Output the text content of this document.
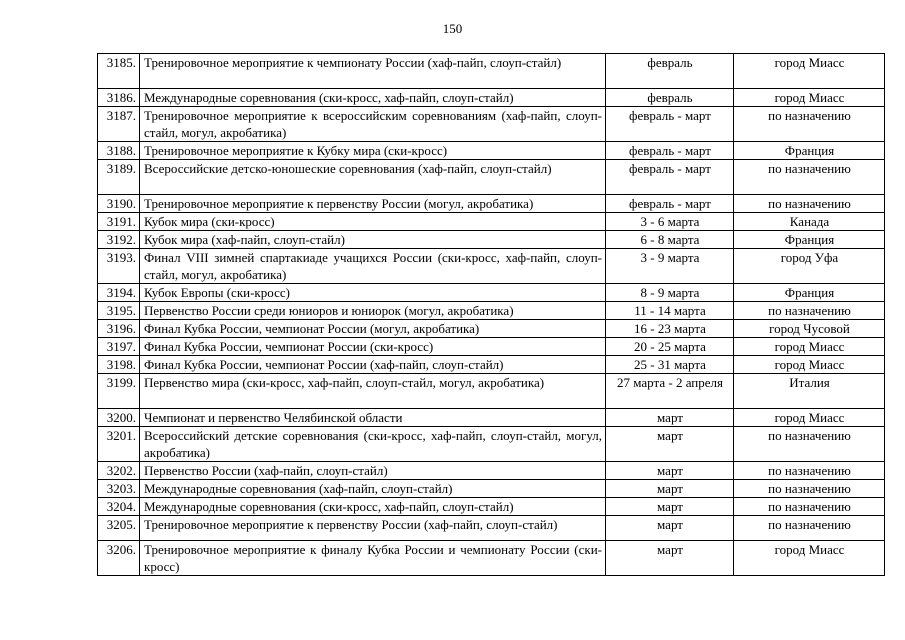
150
3185.	Тренировочное мероприятие к чемпионату России (хаф-пайп, слоуп-стайл)	февраль	город Миасс
3186.	Международные соревнования (ски-кросс, хаф-пайп, слоуп-стайл)	февраль	город Миасс
3187.	Тренировочное мероприятие к всероссийским соревнованиям (хаф-пайп, слоуп-стайл, могул, акробатика)	февраль - март	по назначению
3188.	Тренировочное мероприятие к Кубку мира (ски-кросс)	февраль - март	Франция
3189.	Всероссийские детско-юношеские соревнования (хаф-пайп, слоуп-стайл)	февраль - март	по назначению
3190.	Тренировочное мероприятие к первенству России (могул, акробатика)	февраль - март	по назначению
3191.	Кубок мира (ски-кросс)	3 - 6 марта	Канада
3192.	Кубок мира (хаф-пайп, слоуп-стайл)	6 - 8 марта	Франция
3193.	Финал VIII зимней спартакиаде учащихся России (ски-кросс, хаф-пайп, слоуп-стайл, могул, акробатика)	3 - 9 марта	город Уфа
3194.	Кубок Европы (ски-кросс)	8 - 9 марта	Франция
3195.	Первенство России среди юниоров и юниорок (могул, акробатика)	11 - 14 марта	по назначению
3196.	Финал Кубка России, чемпионат России (могул, акробатика)	16 - 23 марта	город Чусовой
3197.	Финал Кубка России, чемпионат России (ски-кросс)	20 - 25 марта	город Миасс
3198.	Финал Кубка России, чемпионат России (хаф-пайп, слоуп-стайл)	25 - 31 марта	город Миасс
3199.	Первенство мира (ски-кросс, хаф-пайп, слоуп-стайл, могул, акробатика)	27 марта - 2 апреля	Италия
3200.	Чемпионат и первенство Челябинской области	март	город Миасс
3201.	Всероссийский детские соревнования (ски-кросс, хаф-пайп, слоуп-стайл, могул, акробатика)	март	по назначению
3202.	Первенство России (хаф-пайп, слоуп-стайл)	март	по назначению
3203.	Международные соревнования (хаф-пайп, слоуп-стайл)	март	по назначению
3204.	Международные соревнования (ски-кросс, хаф-пайп, слоуп-стайл)	март	по назначению
3205.	Тренировочное мероприятие к первенству России (хаф-пайп, слоуп-стайл)	март	по назначению
3206.	Тренировочное мероприятие к финалу Кубка России и чемпионату России (ски-кросс)	март	город Миасс
